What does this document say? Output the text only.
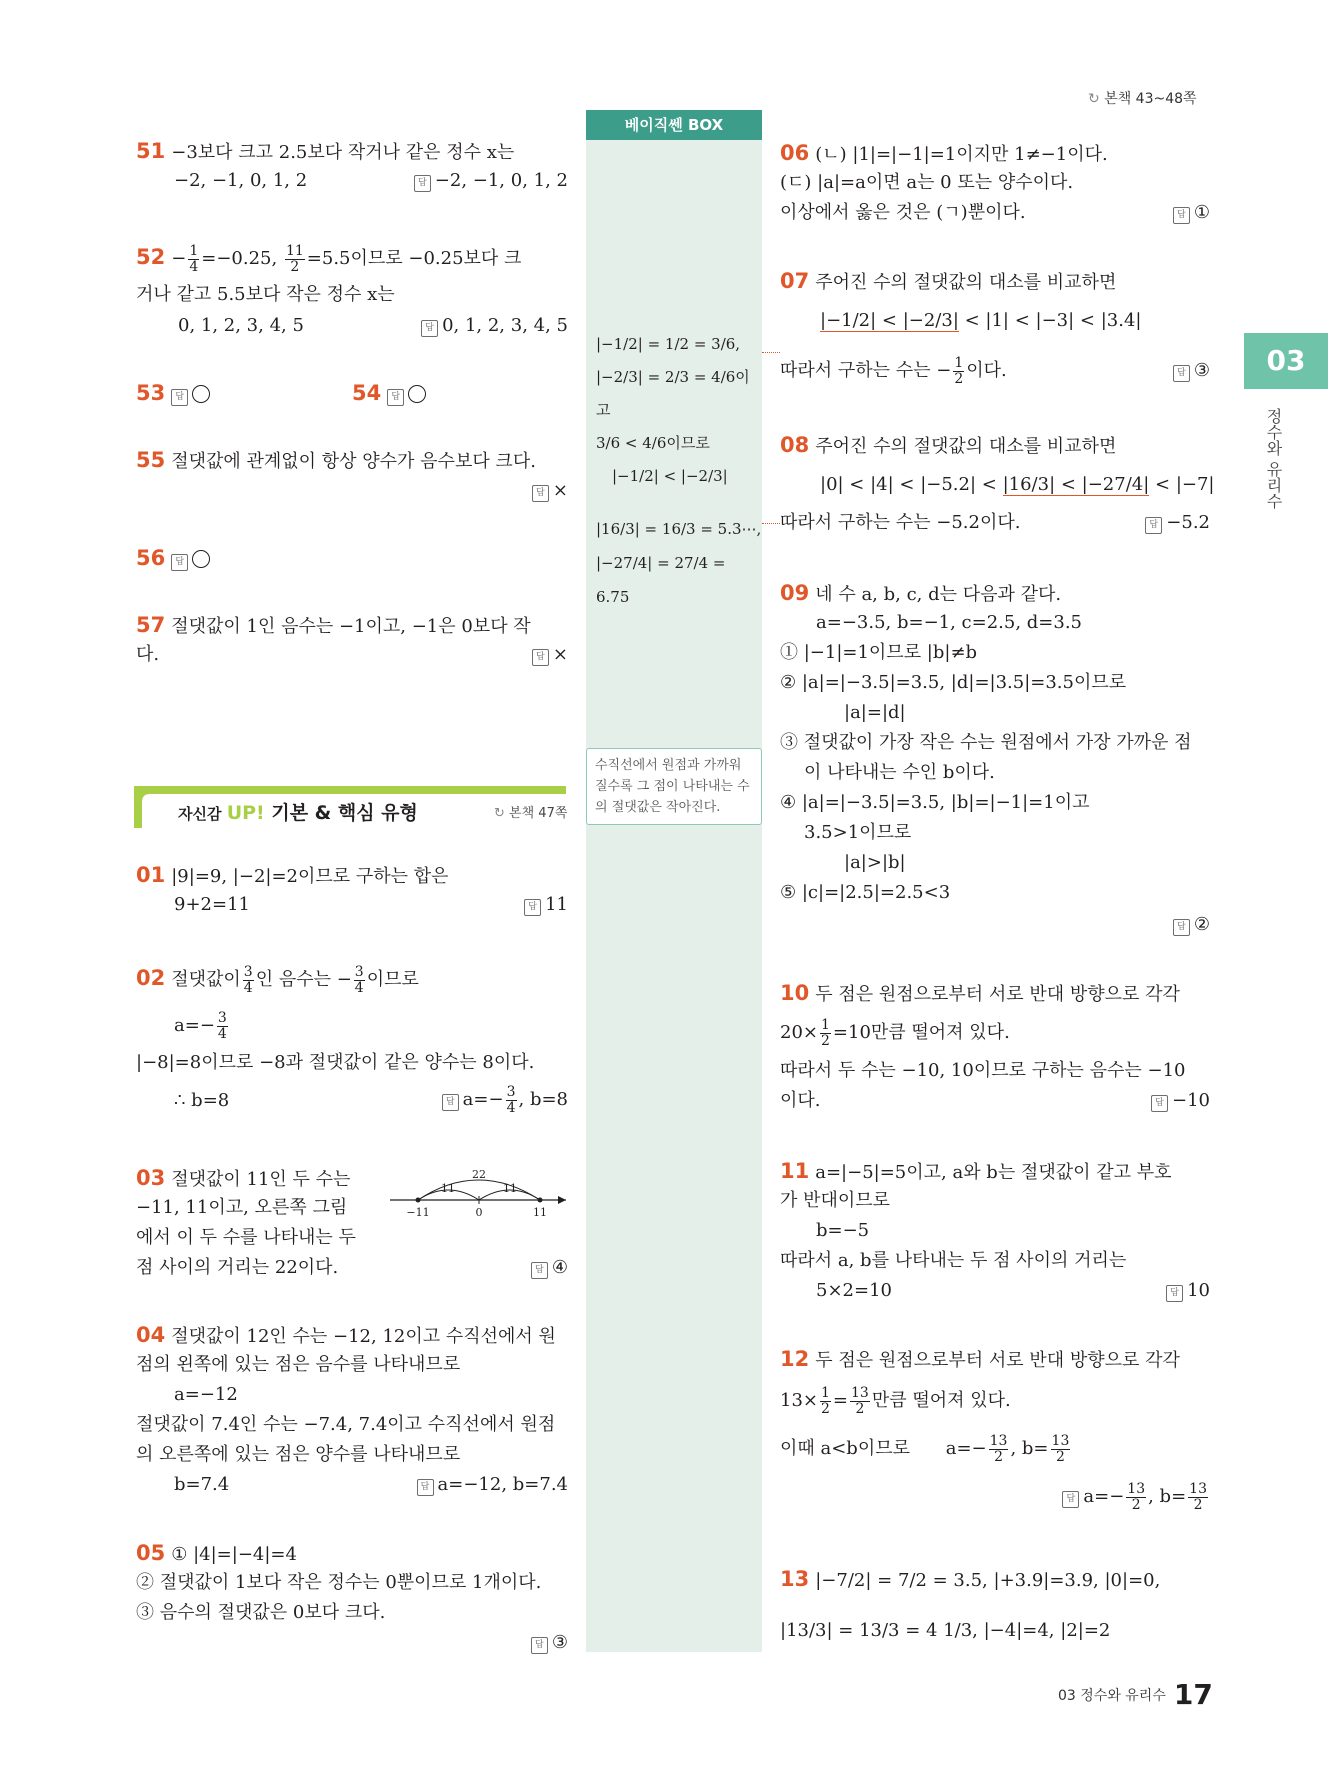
↻ 본책 43~48쪽
베이직쎈 BOX
|−1/2| = 1/2 = 3/6,
|−2/3| = 2/3 = 4/6이고
3/6 < 4/6이므로
|−1/2| < |−2/3|
|16/3| = 16/3 = 5.3⋯,
|−27/4| = 27/4 = 6.75
수직선에서 원점과 가까워질수록 그 점이 나타내는 수의 절댓값은 작아진다.
03
정수와 유리수
51 −3보다 크고 2.5보다 작거나 같은 정수 x는
−2, −1, 0, 1, 2	답 −2, −1, 0, 1, 2
$52 - \frac{1}{4} =-0.25$, $\frac{11}{2} =5.5$이므로 −0.25보다 크
거나 같고 5.5보다 작은 정수 x는
0, 1, 2, 3, 4, 5	답 0, 1, 2, 3, 4, 5
53 답	54 답
55 절댓값에 관계없이 항상 양수가 음수보다 크다.
답 ×
56 답
57 절댓값이 1인 음수는 −1이고, −1은 0보다 작
다.	답 ×
자신감 UP! 기본 & 핵심 유형	↻ 본책 47쪽
01 |9|=9, |−2|=2이므로 구하는 합은
9+2=11	답 11
02 절댓값이 $\frac{3}{4}$ 인 음수는 − $\frac{3}{4}$ 이므로
$a=- \frac{3}{4}$
|−8|=8이므로 −8과 절댓값이 같은 양수는 8이다.
∴ b=8	답 $a=- \frac{3}{4}$ , b=8
03 절댓값이 11인 두 수는
−11, 11이고, 오른쪽 그림
에서 이 두 수를 나타내는 두
점 사이의 거리는 22이다.	답 ④
22
11	11
−11	0	11
04 절댓값이 12인 수는 −12, 12이고 수직선에서 원
점의 왼쪽에 있는 점은 음수를 나타내므로
a=−12
절댓값이 7.4인 수는 −7.4, 7.4이고 수직선에서 원점
의 오른쪽에 있는 점은 양수를 나타내므로
b=7.4	답 a=−12, b=7.4
05 ① |4|=|−4|=4
② 절댓값이 1보다 작은 정수는 0뿐이므로 1개이다.
③ 음수의 절댓값은 0보다 크다.
답 ③
06 (ㄴ) |1|=|−1|=1이지만 1≠−1이다.
(ㄷ) |a|=a이면 a는 0 또는 양수이다.
이상에서 옳은 것은 (ㄱ)뿐이다.	답 ①
07 주어진 수의 절댓값의 대소를 비교하면
|−1/2| < |−2/3| < |1| < |−3| < |3.4|
따라서 구하는 수는 − $\frac{1}{2}$ 이다.	답 ③
08 주어진 수의 절댓값의 대소를 비교하면
|0| < |4| < |−5.2| < |16/3| < |−27/4| < |−7|
따라서 구하는 수는 −5.2이다.	답 −5.2
09 네 수 a, b, c, d는 다음과 같다.
a=−3.5, b=−1, c=2.5, d=3.5
① |−1|=1이므로 |b|≠b
② |a|=|−3.5|=3.5, |d|=|3.5|=3.5이므로
|a|=|d|
③ 절댓값이 가장 작은 수는 원점에서 가장 가까운 점
이 나타내는 수인 b이다.
④ |a|=|−3.5|=3.5, |b|=|−1|=1이고
3.5>1이므로
|a|>|b|
⑤ |c|=|2.5|=2.5<3
답 ②
10 두 점은 원점으로부터 서로 반대 방향으로 각각
$20\times \frac{1}{2} =10$만큼 떨어져 있다.
따라서 두 수는 −10, 10이므로 구하는 음수는 −10
이다.	답 −10
11 a=|−5|=5이고, a와 b는 절댓값이 같고 부호
가 반대이므로
b=−5
따라서 a, b를 나타내는 두 점 사이의 거리는
5×2=10	답 10
12 두 점은 원점으로부터 서로 반대 방향으로 각각
$13\times \frac{1}{2} = \frac{13}{2}$ 만큼 떨어져 있다.
이때 a<b이므로 $a=- \frac{13}{2}$ , $b= \frac{13}{2}$
답 $a=- \frac{13}{2}$ , $b= \frac{13}{2}$
13 |−7/2| = 7/2 = 3.5, |+3.9|=3.9, |0|=0,
|13/3| = 13/3 = 4 1/3, |−4|=4, |2|=2
03 정수와 유리수 17
